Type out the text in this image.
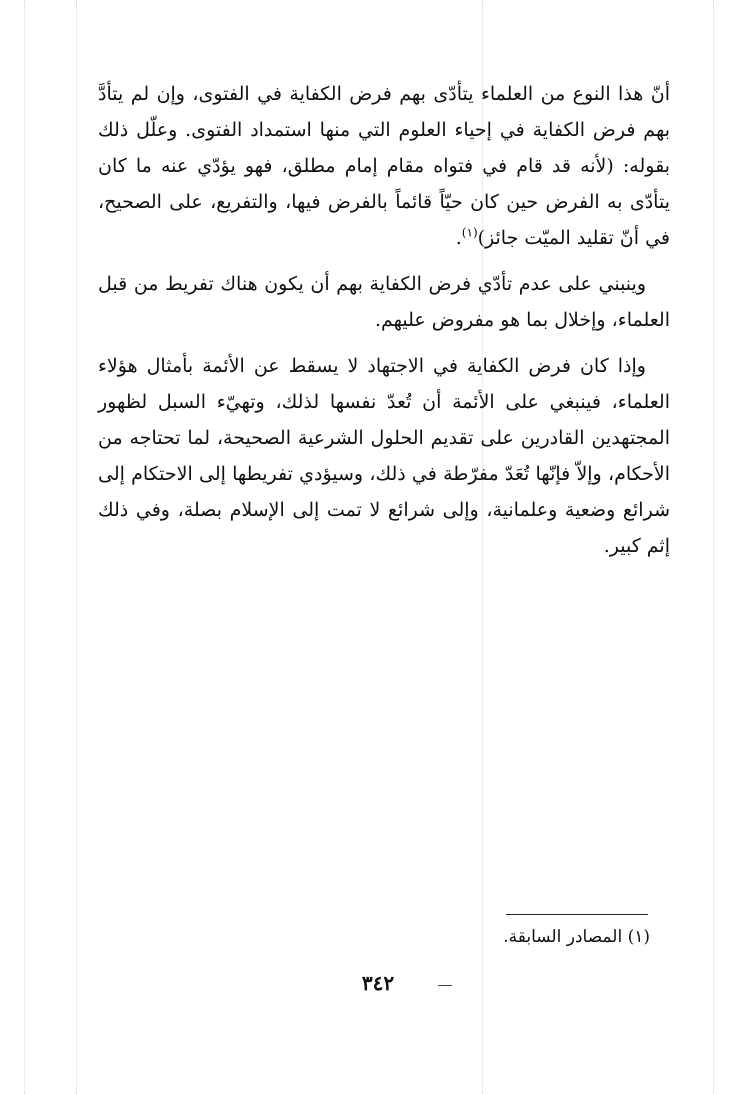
أنّ هذا النوع من العلماء يتأدّى بهم فرض الكفاية في الفتوى، وإن لم يتأدَّ بهم فرض الكفاية في إحياء العلوم التي منها استمداد الفتوى. وعلّل ذلك بقوله: (لأنه قد قام في فتواه مقام إمام مطلق، فهو يؤدّي عنه ما كان يتأدّى به الفرض حين كان حيّاً قائماً بالفرض فيها، والتفريع، على الصحيح، في أنّ تقليد الميّت جائز)$^{(١)}$.

وينبني على عدم تأدّي فرض الكفاية بهم أن يكون هناك تفريط من قبل العلماء، وإخلال بما هو مفروض عليهم.

وإذا كان فرض الكفاية في الاجتهاد لا يسقط عن الأئمة بأمثال هؤلاء العلماء، فينبغي على الأئمة أن تُعدّ نفسها لذلك، وتهيّء السبل لظهور المجتهدين القادرين على تقديم الحلول الشرعية الصحيحة، لما تحتاجه من الأحكام، وإلاّ فإنّها تُعَدّ مفرّطة في ذلك، وسيؤدي تفريطها إلى الاحتكام إلى شرائع وضعية وعلمانية، وإلى شرائع لا تمت إلى الإسلام بصلة، وفي ذلك إثم كبير.

(١) المصادر السابقة.
٣٤٢
